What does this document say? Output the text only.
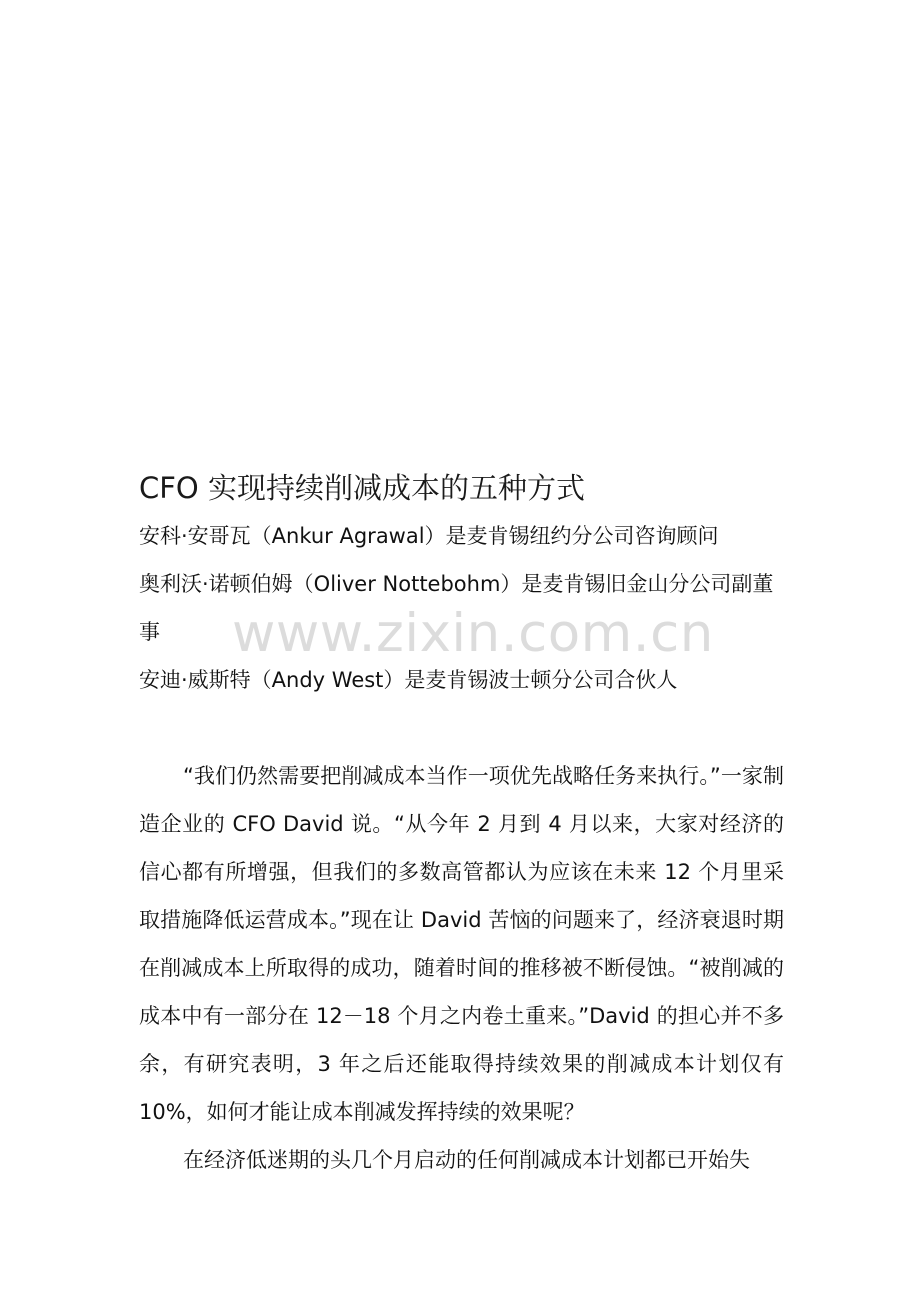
CFO 实现持续削减成本的五种方式
安科·安哥瓦（Ankur Agrawal）是麦肯锡纽约分公司咨询顾问
奥利沃·诺顿伯姆（Oliver Nottebohm）是麦肯锡旧金山分公司副董事
安迪·威斯特（Andy West）是麦肯锡波士顿分公司合伙人
www.zixin.com.cn

“我们仍然需要把削减成本当作一项优先战略任务来执行。”一家制造企业的 CFO David 说。“从今年 2 月到 4 月以来，大家对经济的信心都有所增强，但我们的多数高管都认为应该在未来 12 个月里采取措施降低运营成本。”现在让 David 苦恼的问题来了，经济衰退时期在削减成本上所取得的成功，随着时间的推移被不断侵蚀。“被削减的成本中有一部分在 12－18 个月之内卷土重来。”David 的担心并不多余，有研究表明，3 年之后还能取得持续效果的削减成本计划仅有 10%，如何才能让成本削减发挥持续的效果呢？

在经济低迷期的头几个月启动的任何削减成本计划都已开始失
